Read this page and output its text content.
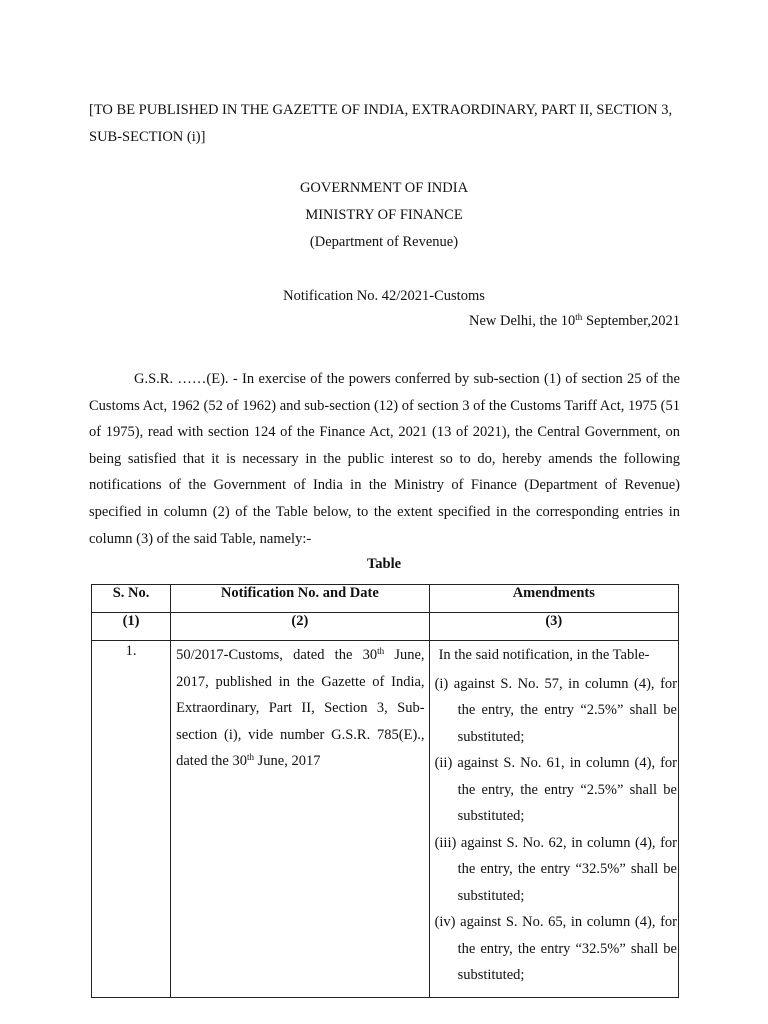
[TO BE PUBLISHED IN THE GAZETTE OF INDIA, EXTRAORDINARY, PART II, SECTION 3, SUB-SECTION (i)]
GOVERNMENT OF INDIA
MINISTRY OF FINANCE
(Department of Revenue)
Notification No. 42/2021-Customs
New Delhi, the 10th September,2021
G.S.R. ……(E). - In exercise of the powers conferred by sub-section (1) of section 25 of the Customs Act, 1962 (52 of 1962) and sub-section (12) of section 3 of the Customs Tariff Act, 1975 (51 of 1975), read with section 124 of the Finance Act, 2021 (13 of 2021), the Central Government, on being satisfied that it is necessary in the public interest so to do, hereby amends the following notifications of the Government of India in the Ministry of Finance (Department of Revenue) specified in column (2) of the Table below, to the extent specified in the corresponding entries in column (3) of the said Table, namely:-
Table
S. No.	Notification No. and Date	Amendments
(1)	(2)	(3)
1.	50/2017-Customs, dated the 30th June, 2017, published in the Gazette of India, Extraordinary, Part II, Section 3, Sub-section (i), vide number G.S.R. 785(E)., dated the 30th June, 2017	In the said notification, in the Table-
(i) against S. No. 57, in column (4), for the entry, the entry “2.5%” shall be substituted;
(ii) against S. No. 61, in column (4), for the entry, the entry “2.5%” shall be substituted;
(iii) against S. No. 62, in column (4), for the entry, the entry “32.5%” shall be substituted;
(iv) against S. No. 65, in column (4), for the entry, the entry “32.5%” shall be substituted;
